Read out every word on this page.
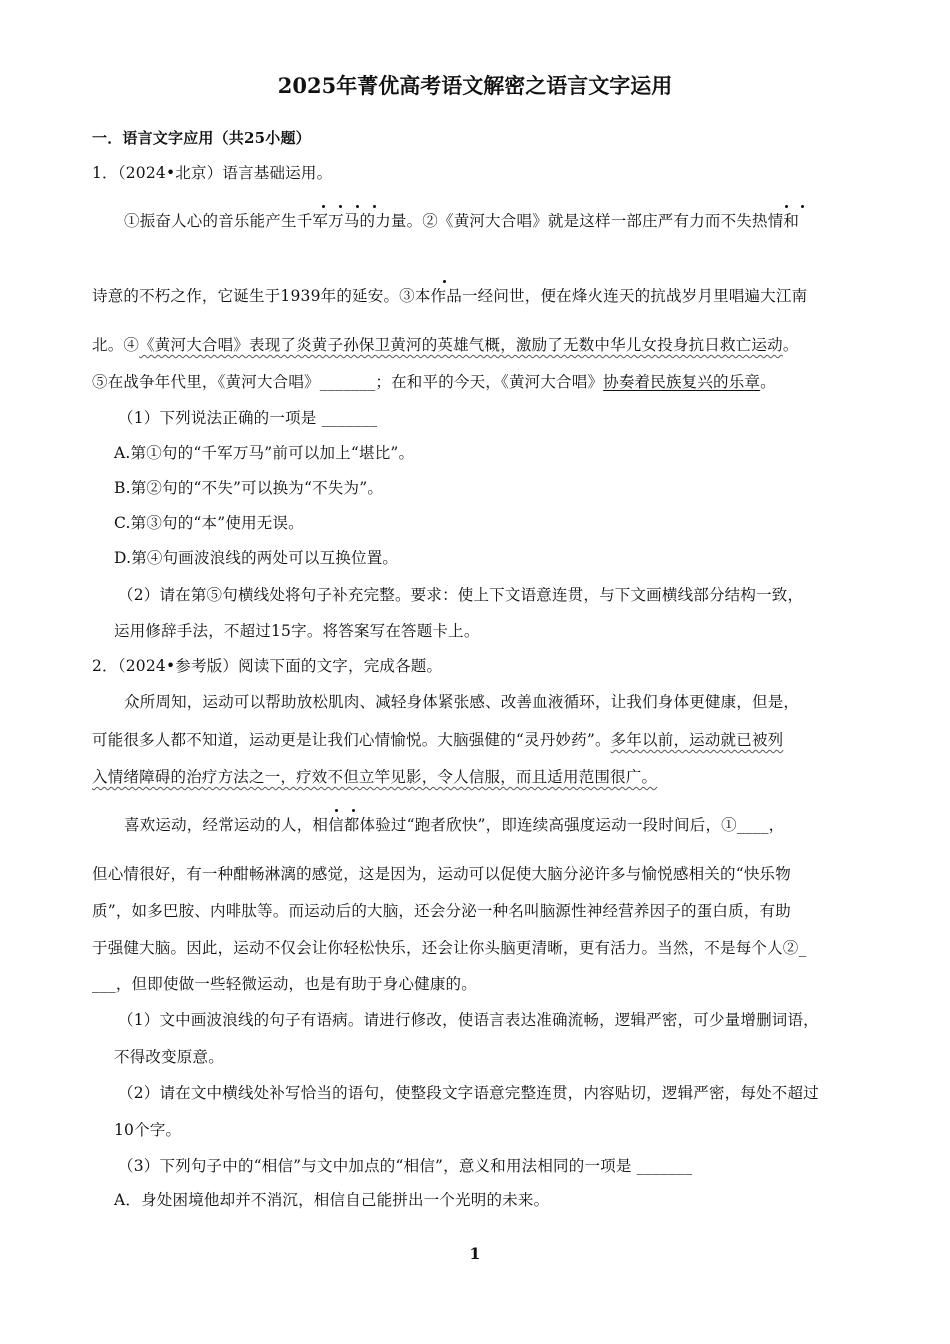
2025年菁优高考语文解密之语言文字运用
一．语言文字应用（共25小题）
1．（2024•北京）语言基础运用。
①振奋人心的音乐能产生千军万马的力量。②《黄河大合唱》就是这样一部庄严有力而不失热情和
诗意的不朽之作，它诞生于1939年的延安。③本作品一经问世，便在烽火连天的抗战岁月里唱遍大江南
北。④《黄河大合唱》表现了炎黄子孙保卫黄河的英雄气概，激励了无数中华儿女投身抗日救亡运动。
⑤在战争年代里，《黄河大合唱》_______；在和平的今天，《黄河大合唱》协奏着民族复兴的乐章。
（1）下列说法正确的一项是 _______
A.第①句的“千军万马”前可以加上“堪比”。
B.第②句的“不失”可以换为“不失为”。
C.第③句的“本”使用无误。
D.第④句画波浪线的两处可以互换位置。
（2）请在第⑤句横线处将句子补充完整。要求：使上下文语意连贯，与下文画横线部分结构一致，
运用修辞手法，不超过15字。将答案写在答题卡上。
2．（2024•参考版）阅读下面的文字，完成各题。
众所周知，运动可以帮助放松肌肉、减轻身体紧张感、改善血液循环，让我们身体更健康，但是，
可能很多人都不知道，运动更是让我们心情愉悦。大脑强健的“灵丹妙药”。多年以前，运动就已被列
入情绪障碍的治疗方法之一，疗效不但立竿见影，令人信服，而且适用范围很广。
喜欢运动，经常运动的人，相信都体验过“跑者欣快”，即连续高强度运动一段时间后，①____，
但心情很好，有一种酣畅淋漓的感觉，这是因为，运动可以促使大脑分泌许多与愉悦感相关的“快乐物
质”，如多巴胺、内啡肽等。而运动后的大脑，还会分泌一种名叫脑源性神经营养因子的蛋白质，有助
于强健大脑。因此，运动不仅会让你轻松快乐，还会让你头脑更清晰，更有活力。当然，不是每个人②_
___，但即使做一些轻微运动，也是有助于身心健康的。
（1）文中画波浪线的句子有语病。请进行修改，使语言表达准确流畅，逻辑严密，可少量增删词语，
不得改变原意。
（2）请在文中横线处补写恰当的语句，使整段文字语意完整连贯，内容贴切，逻辑严密，每处不超过
10个字。
（3）下列句子中的“相信”与文中加点的“相信”，意义和用法相同的一项是 _______
A．身处困境他却并不消沉，相信自己能拼出一个光明的未来。
1
